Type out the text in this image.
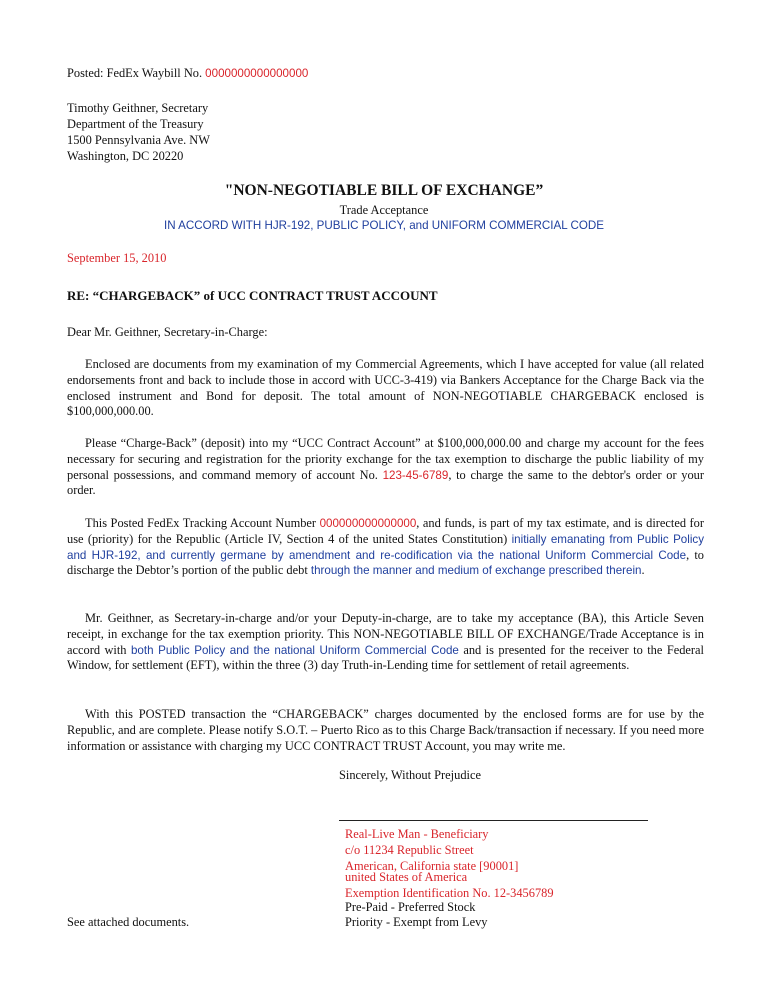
Posted: FedEx Waybill No. 0000000000000000
Timothy Geithner, Secretary
Department of the Treasury
1500 Pennsylvania Ave. NW
Washington, DC 20220
"NON-NEGOTIABLE BILL OF EXCHANGE”
Trade Acceptance
IN ACCORD WITH HJR-192, PUBLIC POLICY, and UNIFORM COMMERCIAL CODE
September 15, 2010
RE: “CHARGEBACK” of UCC CONTRACT TRUST ACCOUNT
Dear Mr. Geithner, Secretary-in-Charge:
Enclosed are documents from my examination of my Commercial Agreements, which I have accepted for value (all related endorsements front and back to include those in accord with UCC-3-419) via Bankers Acceptance for the Charge Back via the enclosed instrument and Bond for deposit. The total amount of NON-NEGOTIABLE CHARGEBACK enclosed is $100,000,000.00.
Please “Charge-Back” (deposit) into my “UCC Contract Account” at $100,000,000.00 and charge my account for the fees necessary for securing and registration for the priority exchange for the tax exemption to discharge the public liability of my personal possessions, and command memory of account No. 123-45-6789, to charge the same to the debtor's order or your order.
This Posted FedEx Tracking Account Number 000000000000000, and funds, is part of my tax estimate, and is directed for use (priority) for the Republic (Article IV, Section 4 of the united States Constitution) initially emanating from Public Policy and HJR-192, and currently germane by amendment and re-codification via the national Uniform Commercial Code, to discharge the Debtor’s portion of the public debt through the manner and medium of exchange prescribed therein.
Mr. Geithner, as Secretary-in-charge and/or your Deputy-in-charge, are to take my acceptance (BA), this Article Seven receipt, in exchange for the tax exemption priority. This NON-NEGOTIABLE BILL OF EXCHANGE/Trade Acceptance is in accord with both Public Policy and the national Uniform Commercial Code and is presented for the receiver to the Federal Window, for settlement (EFT), within the three (3) day Truth-in-Lending time for settlement of retail agreements.
With this POSTED transaction the “CHARGEBACK” charges documented by the enclosed forms are for use by the Republic, and are complete. Please notify S.O.T. – Puerto Rico as to this Charge Back/transaction if necessary. If you need more information or assistance with charging my UCC CONTRACT TRUST Account, you may write me.
Sincerely, Without Prejudice
Real-Live Man - Beneficiary
c/o 11234 Republic Street
American, California state [90001]
united States of America
Exemption Identification No. 12-3456789
Pre-Paid - Preferred Stock
Priority - Exempt from Levy
See attached documents.
